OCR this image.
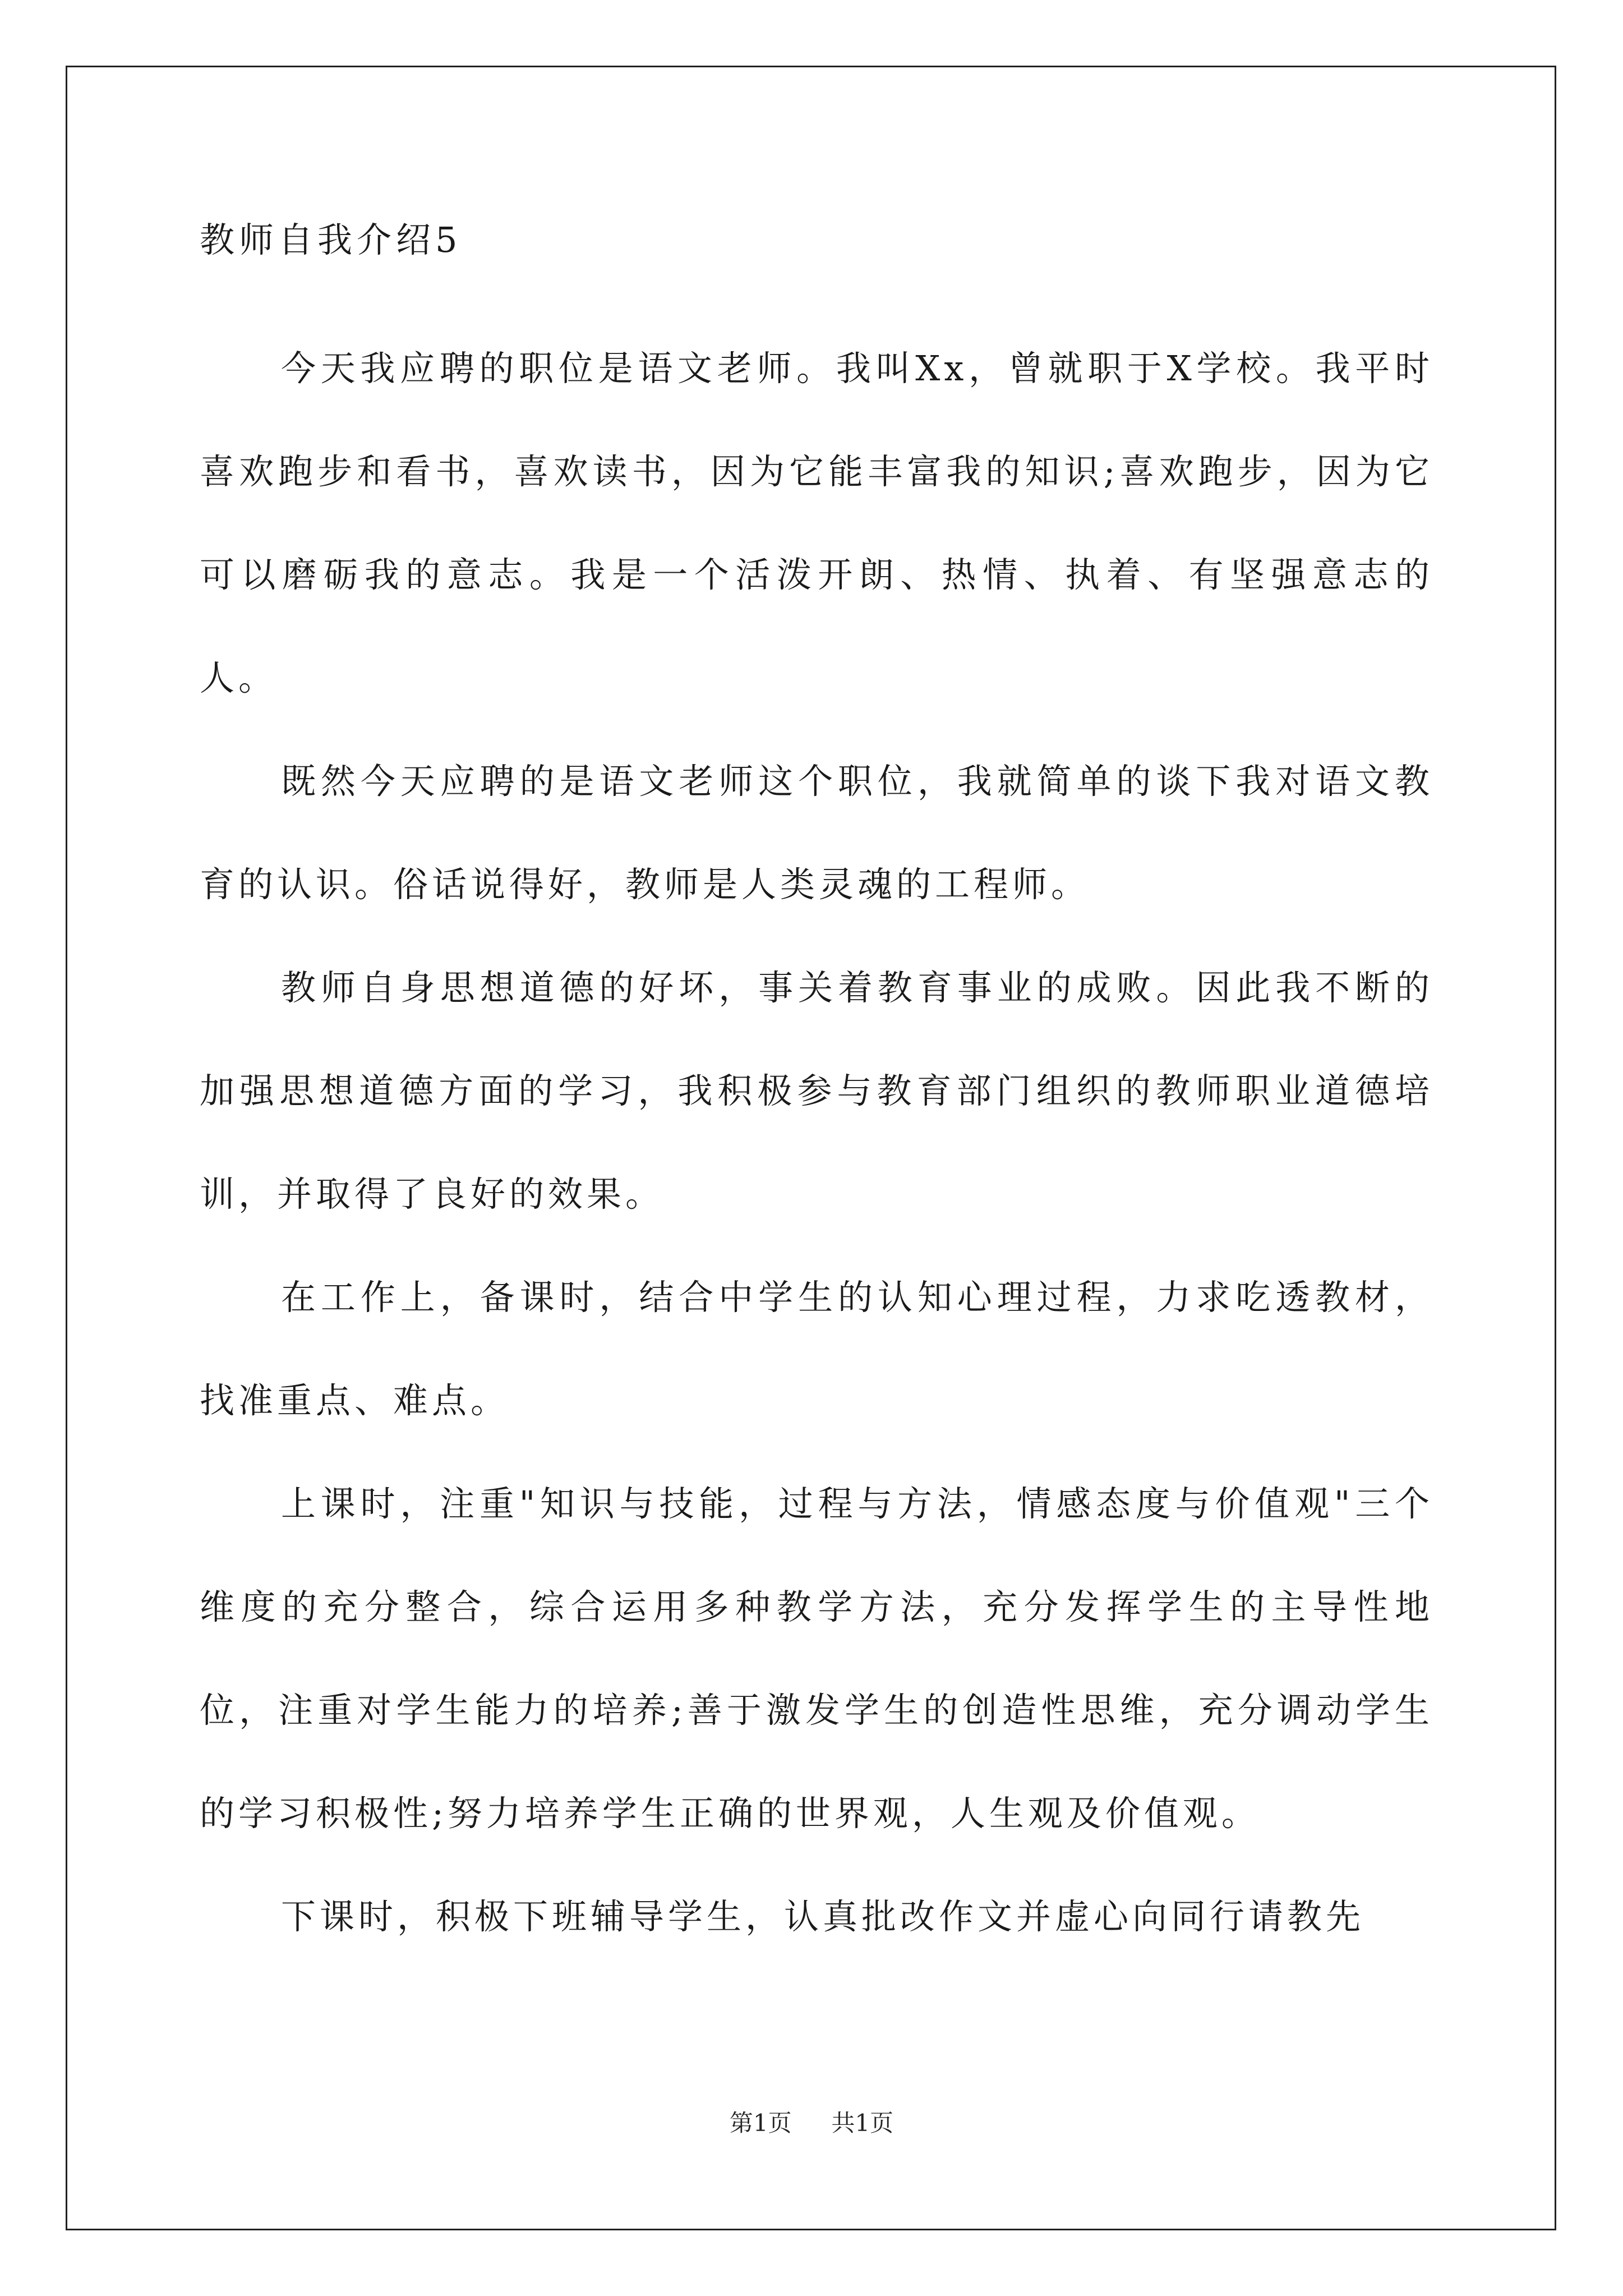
教师自我介绍5

今天我应聘的职位是语文老师。我叫Xx，曾就职于X学校。我平时喜欢跑步和看书，喜欢读书，因为它能丰富我的知识;喜欢跑步，因为它可以磨砺我的意志。我是一个活泼开朗、热情、执着、有坚强意志的人。

既然今天应聘的是语文老师这个职位，我就简单的谈下我对语文教育的认识。俗话说得好，教师是人类灵魂的工程师。

教师自身思想道德的好坏，事关着教育事业的成败。因此我不断的加强思想道德方面的学习，我积极参与教育部门组织的教师职业道德培训，并取得了良好的效果。

在工作上，备课时，结合中学生的认知心理过程，力求吃透教材，找准重点、难点。

上课时，注重"知识与技能，过程与方法，情感态度与价值观"三个维度的充分整合，综合运用多种教学方法，充分发挥学生的主导性地位，注重对学生能力的培养;善于激发学生的创造性思维，充分调动学生的学习积极性;努力培养学生正确的世界观，人生观及价值观。

下课时，积极下班辅导学生，认真批改作文并虚心向同行请教先

第1页 共1页
